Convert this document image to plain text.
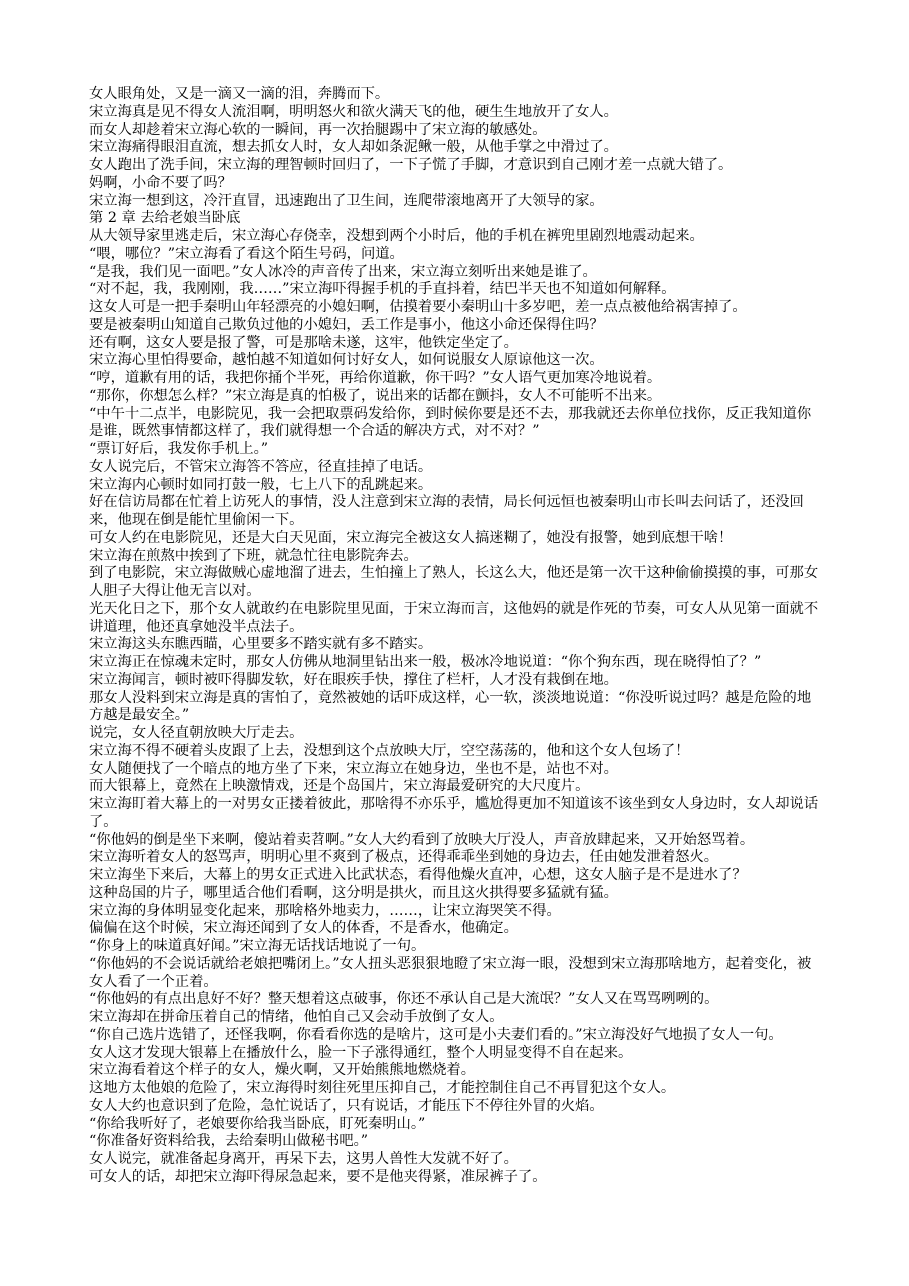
女人眼角处，又是一滴又一滴的泪，奔腾而下。

宋立海真是见不得女人流泪啊，明明怒火和欲火满天飞的他，硬生生地放开了女人。

而女人却趁着宋立海心软的一瞬间，再一次抬腿踢中了宋立海的敏感处。

宋立海痛得眼泪直流，想去抓女人时，女人却如条泥鳅一般，从他手掌之中滑过了。

女人跑出了洗手间，宋立海的理智顿时回归了，一下子慌了手脚，才意识到自己刚才差一点就大错了。

妈啊，小命不要了吗？

宋立海一想到这，冷汗直冒，迅速跑出了卫生间，连爬带滚地离开了大领导的家。

第 2 章 去给老娘当卧底

从大领导家里逃走后，宋立海心存侥幸，没想到两个小时后，他的手机在裤兜里剧烈地震动起来。

“喂，哪位？”宋立海看了看这个陌生号码，问道。

“是我，我们见一面吧。”女人冰冷的声音传了出来，宋立海立刻听出来她是谁了。

“对不起，我，我刚刚，我……”宋立海吓得握手机的手直抖着，结巴半天也不知道如何解释。

这女人可是一把手秦明山年轻漂亮的小媳妇啊，估摸着要小秦明山十多岁吧，差一点点被他给祸害掉了。

要是被秦明山知道自己欺负过他的小媳妇，丢工作是事小，他这小命还保得住吗？

还有啊，这女人要是报了警，可是那啥未遂，这牢，他铁定坐定了。

宋立海心里怕得要命，越怕越不知道如何讨好女人，如何说服女人原谅他这一次。

“哼，道歉有用的话，我把你捅个半死，再给你道歉，你干吗？”女人语气更加寒冷地说着。

“那你，你想怎么样？”宋立海是真的怕极了，说出来的话都在颤抖，女人不可能听不出来。

“中午十二点半，电影院见，我一会把取票码发给你，到时候你要是还不去，那我就还去你单位找你，反正我知道你是谁，既然事情都这样了，我们就得想一个合适的解决方式，对不对？”

“票订好后，我发你手机上。”

女人说完后，不管宋立海答不答应，径直挂掉了电话。

宋立海内心顿时如同打鼓一般，七上八下的乱跳起来。

好在信访局都在忙着上访死人的事情，没人注意到宋立海的表情，局长何远恒也被秦明山市长叫去问话了，还没回来，他现在倒是能忙里偷闲一下。

可女人约在电影院见，还是大白天见面，宋立海完全被这女人搞迷糊了，她没有报警，她到底想干啥！

宋立海在煎熬中挨到了下班，就急忙往电影院奔去。

到了电影院，宋立海做贼心虚地溜了进去，生怕撞上了熟人，长这么大，他还是第一次干这种偷偷摸摸的事，可那女人胆子大得让他无言以对。

光天化日之下，那个女人就敢约在电影院里见面，于宋立海而言，这他妈的就是作死的节奏，可女人从见第一面就不讲道理，他还真拿她没半点法子。

宋立海这头东瞧西瞄，心里要多不踏实就有多不踏实。

宋立海正在惊魂未定时，那女人仿佛从地洞里钻出来一般，极冰冷地说道：“你个狗东西，现在晓得怕了？”

宋立海闻言，顿时被吓得脚发软，好在眼疾手快，撑住了栏杆，人才没有栽倒在地。

那女人没料到宋立海是真的害怕了，竟然被她的话吓成这样，心一软，淡淡地说道：“你没听说过吗？越是危险的地方越是最安全。”

说完，女人径直朝放映大厅走去。

宋立海不得不硬着头皮跟了上去，没想到这个点放映大厅，空空荡荡的，他和这个女人包场了！

女人随便找了一个暗点的地方坐了下来，宋立海立在她身边，坐也不是，站也不对。

而大银幕上，竟然在上映激情戏，还是个岛国片，宋立海最爱研究的大尺度片。

宋立海盯着大幕上的一对男女正搂着彼此，那啥得不亦乐乎，尴尬得更加不知道该不该坐到女人身边时，女人却说话了。

“你他妈的倒是坐下来啊，傻站着卖苕啊。”女人大约看到了放映大厅没人，声音放肆起来，又开始怒骂着。

宋立海听着女人的怒骂声，明明心里不爽到了极点，还得乖乖坐到她的身边去，任由她发泄着怒火。

宋立海坐下来后，大幕上的男女正式进入比武状态，看得他燥火直冲，心想，这女人脑子是不是进水了？

这种岛国的片子，哪里适合他们看啊，这分明是拱火，而且这火拱得要多猛就有猛。

宋立海的身体明显变化起来，那啥格外地卖力，……，让宋立海哭笑不得。

偏偏在这个时候，宋立海还闻到了女人的体香，不是香水，他确定。

“你身上的味道真好闻。”宋立海无话找话地说了一句。

“你他妈的不会说话就给老娘把嘴闭上。”女人扭头恶狠狠地瞪了宋立海一眼，没想到宋立海那啥地方，起着变化，被女人看了一个正着。

“你他妈的有点出息好不好？整天想着这点破事，你还不承认自己是大流氓？”女人又在骂骂咧咧的。

宋立海却在拼命压着自己的情绪，他怕自己又会动手放倒了女人。

“你自己选片选错了，还怪我啊，你看看你选的是啥片，这可是小夫妻们看的。”宋立海没好气地损了女人一句。

女人这才发现大银幕上在播放什么，脸一下子涨得通红，整个人明显变得不自在起来。

宋立海看着这个样子的女人，燥火啊，又开始熊熊地燃烧着。

这地方太他娘的危险了，宋立海得时刻往死里压抑自己，才能控制住自己不再冒犯这个女人。

女人大约也意识到了危险，急忙说话了，只有说话，才能压下不停往外冒的火焰。

“你给我听好了，老娘要你给我当卧底，盯死秦明山。”

“你准备好资料给我，去给秦明山做秘书吧。”

女人说完，就准备起身离开，再呆下去，这男人兽性大发就不好了。

可女人的话，却把宋立海吓得尿急起来，要不是他夹得紧，准尿裤子了。
